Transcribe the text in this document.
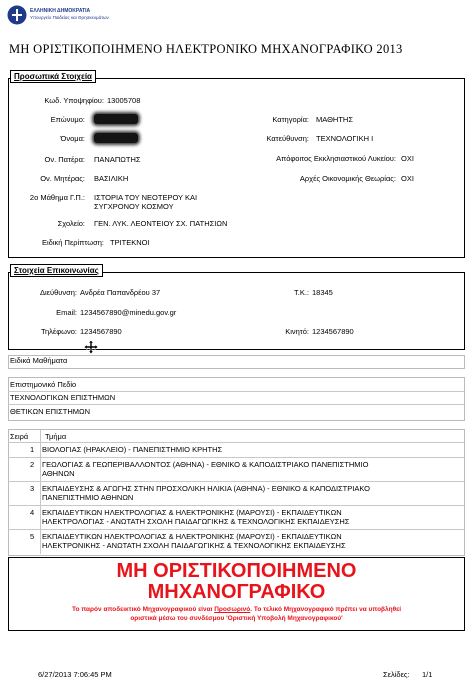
ΕΛΛΗΝΙΚΗ ΔΗΜΟΚΡΑΤΙΑ
Υπουργείο Παιδείας και Θρησκευμάτων
ΜΗ ΟΡΙΣΤΙΚΟΠΟΙΗΜΕΝΟ ΗΛΕΚΤΡΟΝΙΚΟ ΜΗΧΑΝΟΓΡΑΦΙΚΟ 2013
Προσωπικά Στοιχεία
Κωδ. Υποψηφίου: 13005708
Επώνυμο:
Όνομα:
Ον. Πατέρα: ΠΑΝΑΠΩΤΗΣ
Ον. Μητέρας: ΒΑΣΙΛΙΚΗ
2ο Μάθημα Γ.Π.: ΙΣΤΟΡΙΑ ΤΟΥ ΝΕΟΤΕΡΟΥ ΚΑΙ
ΣΥΓΧΡΟΝΟΥ ΚΟΣΜΟΥ
Σχολείο: ΓΕΝ. ΛΥΚ. ΛΕΟΝΤΕΙΟΥ ΣΧ. ΠΑΤΗΣΙΩΝ
Ειδική Περίπτωση: ΤΡΙΤΕΚΝΟΙ
Κατηγορία: ΜΑΘΗΤΗΣ
Κατεύθυνση: ΤΕΧΝΟΛΟΓΙΚΗ Ι
Απόφοιτος Εκκλησιαστικού Λυκείου: ΟΧΙ
Αρχές Οικονομικής Θεωρίας: ΟΧΙ
Στοιχεία Επικοινωνίας
Διεύθυνση: Ανδρέα Παπανδρέου 37	Τ.Κ.: 18345
Email: 1234567890@minedu.gov.gr
Τηλέφωνο: 1234567890	Κινητό: 1234567890
Ειδικά Μαθήματα
Επιστημονικό Πεδίο
ΤΕΧΝΟΛΟΓΙΚΩΝ ΕΠΙΣΤΗΜΩΝ
ΘΕΤΙΚΩΝ ΕΠΙΣΤΗΜΩΝ
Σειρά Τμήμα
1 ΒΙΟΛΟΓΙΑΣ (ΗΡΑΚΛΕΙΟ) - ΠΑΝΕΠΙΣΤΗΜΙΟ ΚΡΗΤΗΣ
2 ΓΕΩΛΟΓΙΑΣ & ΓΕΩΠΕΡΙΒΑΛΛΟΝΤΟΣ (ΑΘΗΝΑ) - ΕΘΝΙΚΟ & ΚΑΠΟΔΙΣΤΡΙΑΚΟ ΠΑΝΕΠΙΣΤΗΜΙΟ
ΑΘΗΝΩΝ
3 ΕΚΠΑΙΔΕΥΣΗΣ & ΑΓΩΓΗΣ ΣΤΗΝ ΠΡΟΣΧΟΛΙΚΗ ΗΛΙΚΙΑ (ΑΘΗΝΑ) - ΕΘΝΙΚΟ & ΚΑΠΟΔΙΣΤΡΙΑΚΟ
ΠΑΝΕΠΙΣΤΗΜΙΟ ΑΘΗΝΩΝ
4 ΕΚΠΑΙΔΕΥΤΙΚΩΝ ΗΛΕΚΤΡΟΛΟΓΙΑΣ & ΗΛΕΚΤΡΟΝΙΚΗΣ (ΜΑΡΟΥΣΙ) - ΕΚΠΑΙΔΕΥΤΙΚΩΝ
ΗΛΕΚΤΡΟΛΟΓΙΑΣ - ΑΝΩΤΑΤΗ ΣΧΟΛΗ ΠΑΙΔΑΓΩΓΙΚΗΣ & ΤΕΧΝΟΛΟΓΙΚΗΣ ΕΚΠΑΙΔΕΥΣΗΣ
5 ΕΚΠΑΙΔΕΥΤΙΚΩΝ ΗΛΕΚΤΡΟΛΟΓΙΑΣ & ΗΛΕΚΤΡΟΝΙΚΗΣ (ΜΑΡΟΥΣΙ) - ΕΚΠΑΙΔΕΥΤΙΚΩΝ
ΗΛΕΚΤΡΟΝΙΚΗΣ - ΑΝΩΤΑΤΗ ΣΧΟΛΗ ΠΑΙΔΑΓΩΓΙΚΗΣ & ΤΕΧΝΟΛΟΓΙΚΗΣ ΕΚΠΑΙΔΕΥΣΗΣ
ΜΗ ΟΡΙΣΤΙΚΟΠΟΙΗΜΕΝΟ
ΜΗΧΑΝΟΓΡΑΦΙΚΟ
Το παρόν αποδεικτικό Μηχανογραφικού είναι Προσωρινό. Το τελικό Μηχανογραφικό πρέπει να υποβληθεί
οριστικά μέσω του συνδέσμου 'Οριστική Υποβολή Μηχανογραφικού'
6/27/2013 7:06:45 PM	Σελίδες: 1/1
